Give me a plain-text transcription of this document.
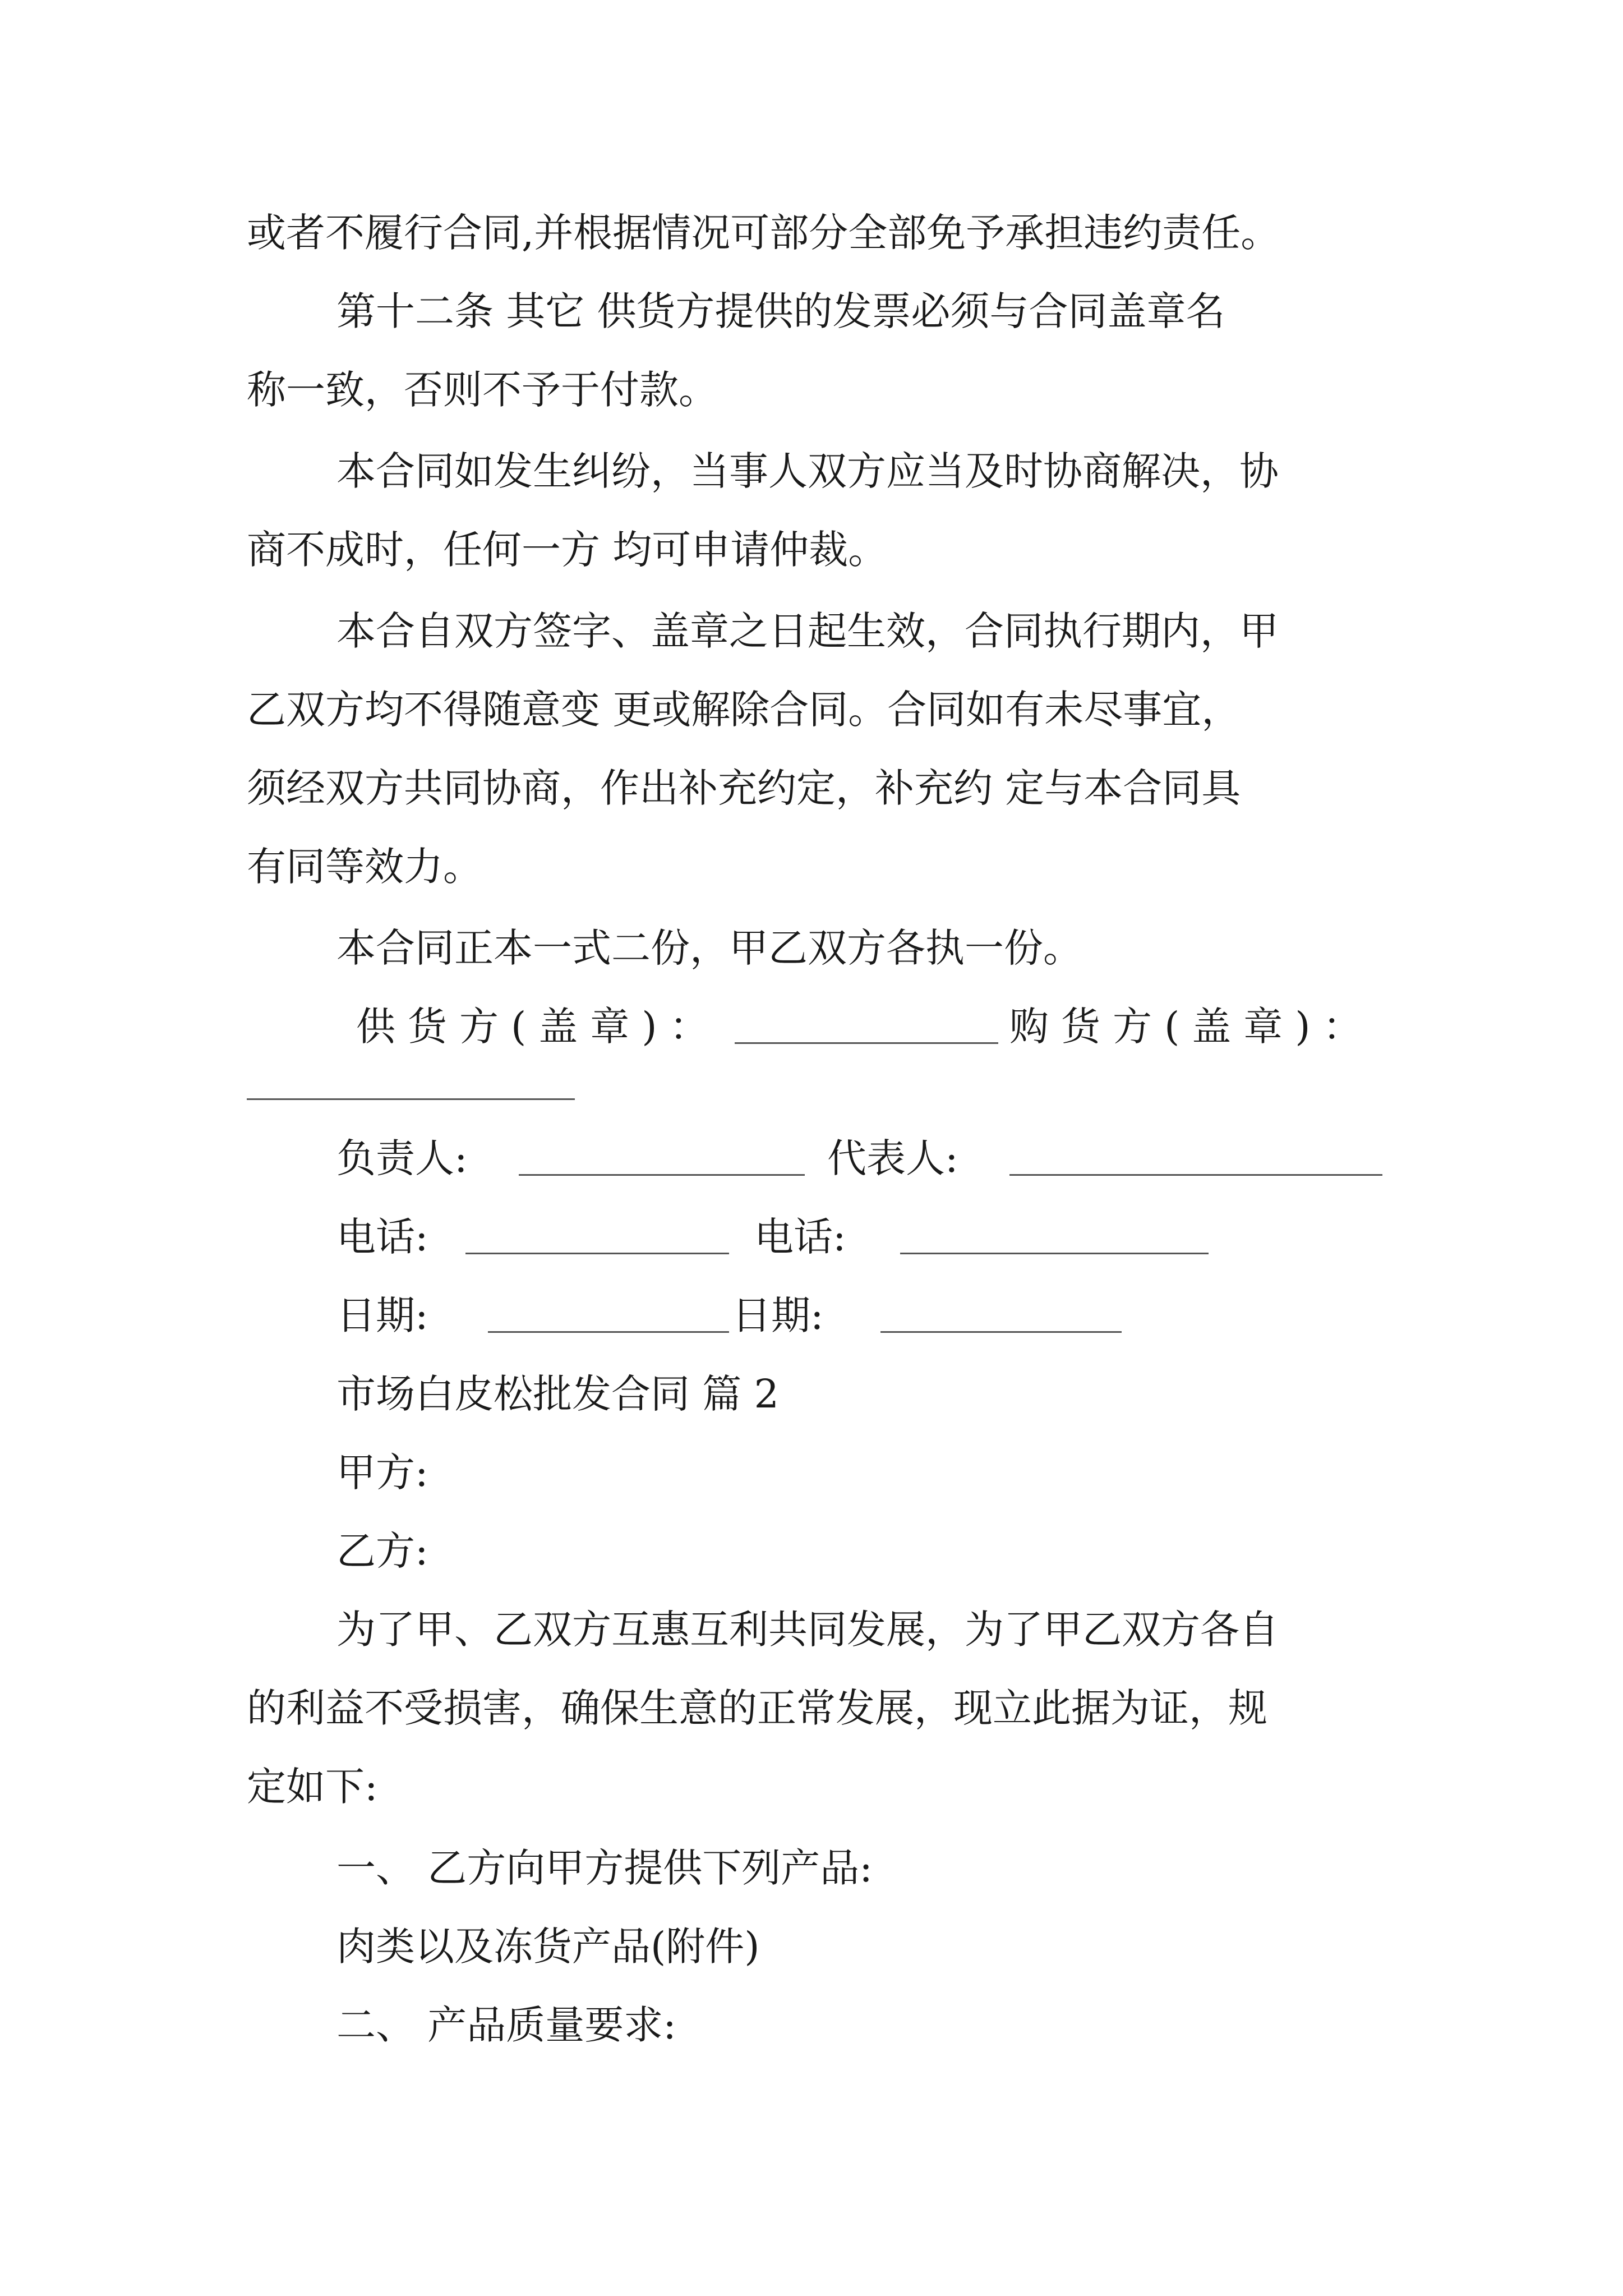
或者不履行合同,并根据情况可部分全部免予承担违约责任。
第十二条 其它 供货方提供的发票必须与合同盖章名
称一致，否则不予于付款。
本合同如发生纠纷，当事人双方应当及时协商解决，协
商不成时，任何一方 均可申请仲裁。
本合自双方签字、盖章之日起生效，合同执行期内，甲
乙双方均不得随意变 更或解除合同。合同如有未尽事宜，
须经双方共同协商，作出补充约定，补充约 定与本合同具
有同等效力。
本合同正本一式二份，甲乙双方各执一份。
供货方(盖章)：	购货方(盖章)：
负责人:	代表人:
电话:	电话:
日期:	日期:
市场白皮松批发合同 篇 2
甲方:
乙方:
为了甲、乙双方互惠互利共同发展，为了甲乙双方各自
的利益不受损害，确保生意的正常发展，现立此据为证，规
定如下:
一、 乙方向甲方提供下列产品:
肉类以及冻货产品(附件)
二、 产品质量要求:
